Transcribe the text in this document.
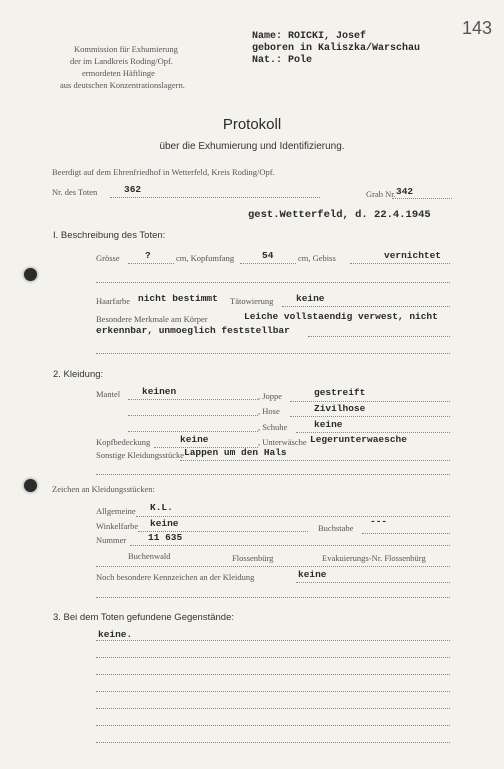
143
Kommission für Exhumierung
der im Landkreis Roding/Opf.
ermordeten Häftlinge
aus deutschen Konzentrationslagern.
Name: ROICKI, Josef
geboren in Kaliszka/Warschau
Nat.: Pole
Protokoll
über die Exhumierung und Identifizierung.
Beerdigt auf dem Ehrenfriedhof in Wetterfeld, Kreis Roding/Opf.
Nr. des Toten	362	Grab Nr. 342
gest.Wetterfeld, d. 22.4.1945
I. Beschreibung des Toten:
Grösse	?	cm, Kopfumfang	54	cm, Gebiss	vernichtet
Haarfarbe nicht bestimmt Tätowierung keine
Besondere Merkmale am Körper	Leiche vollstaendig verwest, nicht
erkennbar, unmoeglich feststellbar
2. Kleidung:
Mantel keinen	, Joppe	gestreift
, Hose	Zivilhose
, Schuhe	keine
Kopfbedeckung	keine	, Unterwäsche Legerunterwaesche
Sonstige Kleidungsstücke Lappen um den Hals
Zeichen an Kleidungsstücken:
Allgemeine K.L.
Winkelfarbe keine	Buchstabe
---
Nummer 11 635
Buchenwald	Flossenbürg	Evakuierungs-Nr. Flossenbürg
Noch besondere Kennzeichen an der Kleidung	keine
3. Bei dem Toten gefundene Gegenstände:
keine.
